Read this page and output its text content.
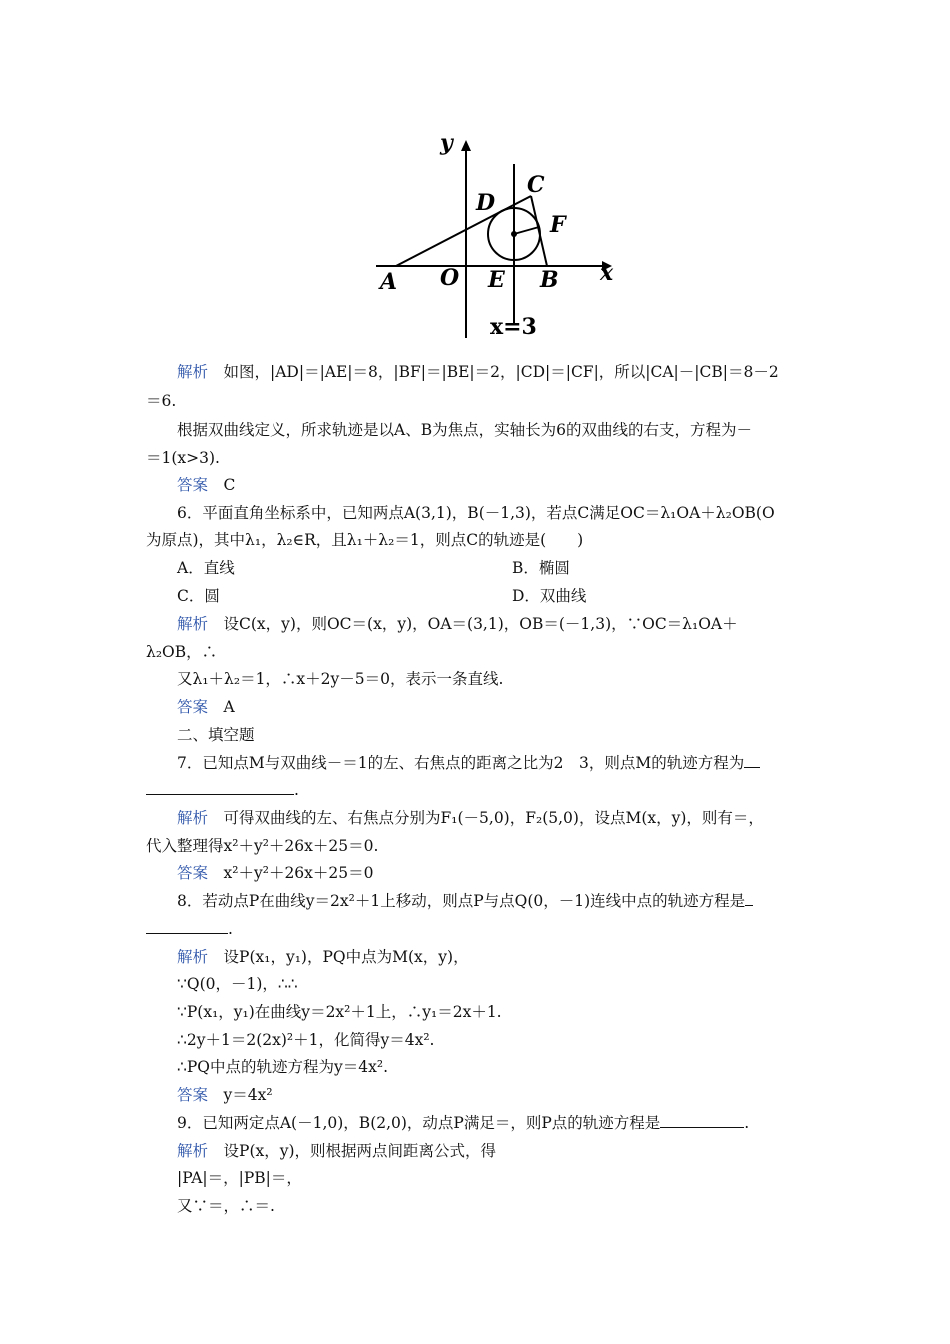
y
C
D
F
A O E B x
x=3
解析　如图，|AD|＝|AE|＝8，|BF|＝|BE|＝2，|CD|＝|CF|，所以|CA|－|CB|＝8－2
＝6.
根据双曲线定义，所求轨迹是以A、B为焦点，实轴长为6的双曲线的右支，方程为－
＝1(x>3).
答案　C
6．平面直角坐标系中，已知两点A(3,1)，B(－1,3)，若点C满足OC＝λ₁OA＋λ₂OB(O
为原点)，其中λ₁，λ₂∈R，且λ₁＋λ₂＝1，则点C的轨迹是(　　)
A．直线	B．椭圆
C．圆	D．双曲线
解析　设C(x，y)，则OC＝(x，y)，OA＝(3,1)，OB＝(－1,3)，∵OC＝λ₁OA＋
λ₂OB，∴
又λ₁＋λ₂＝1，∴x＋2y－5＝0，表示一条直线.
答案　A
二、填空题
7．已知点M与双曲线－＝1的左、右焦点的距离之比为2　3，则点M的轨迹方程为
.
解析　可得双曲线的左、右焦点分别为F₁(－5,0)，F₂(5,0)，设点M(x，y)，则有＝，
代入整理得x²＋y²＋26x＋25＝0.
答案　x²＋y²＋26x＋25＝0
8．若动点P在曲线y＝2x²＋1上移动，则点P与点Q(0，－1)连线中点的轨迹方程是
.
解析　设P(x₁，y₁)，PQ中点为M(x，y)，
∵Q(0，－1)，∴∴
∵P(x₁，y₁)在曲线y＝2x²＋1上，∴y₁＝2x＋1.
∴2y＋1＝2(2x)²＋1，化简得y＝4x².
∴PQ中点的轨迹方程为y＝4x².
答案　y＝4x²
9．已知两定点A(－1,0)，B(2,0)，动点P满足＝，则P点的轨迹方程是	.
解析　设P(x，y)，则根据两点间距离公式，得
|PA|＝，|PB|＝，
又∵＝，∴＝.
